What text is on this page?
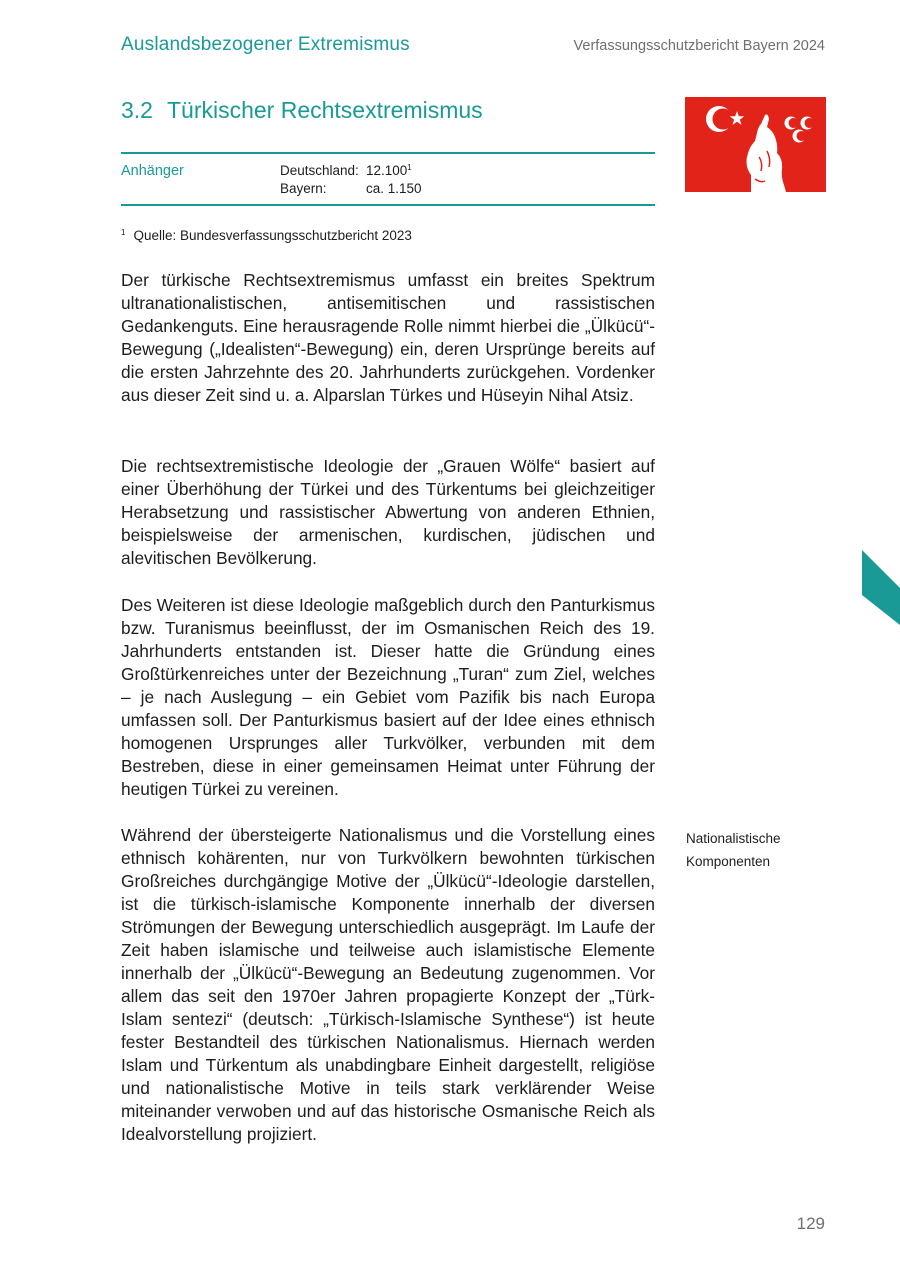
Auslandsbezogener Extremismus	Verfassungsschutzbericht Bayern 2024
3.2 Türkischer Rechtsextremismus
Anhänger	Deutschland: 12.100$^1$
Bayern:	ca. 1.150
$^1$ Quelle: Bundesverfassungsschutzbericht 2023

Der türkische Rechtsextremismus umfasst ein breites Spektrum ultranationalistischen, antisemitischen und rassistischen Gedankenguts. Eine herausragende Rolle nimmt hierbei die „Ülkücü“-Bewegung („Idealisten“-Bewegung) ein, deren Ursprünge bereits auf die ersten Jahrzehnte des 20. Jahrhunderts zurückgehen. Vordenker aus dieser Zeit sind u. a. Alparslan Türkes und Hüseyin Nihal Atsiz.

Die rechtsextremistische Ideologie der „Grauen Wölfe“ basiert auf einer Überhöhung der Türkei und des Türkentums bei gleichzeitiger Herabsetzung und rassistischer Abwertung von anderen Ethnien, beispielsweise der armenischen, kurdischen, jüdischen und alevitischen Bevölkerung.

Des Weiteren ist diese Ideologie maßgeblich durch den Panturkismus bzw. Turanismus beeinflusst, der im Osmanischen Reich des 19. Jahrhunderts entstanden ist. Dieser hatte die Gründung eines Großtürkenreiches unter der Bezeichnung „Turan“ zum Ziel, welches – je nach Auslegung – ein Gebiet vom Pazifik bis nach Europa umfassen soll. Der Panturkismus basiert auf der Idee eines ethnisch homogenen Ursprunges aller Turkvölker, verbunden mit dem Bestreben, diese in einer gemeinsamen Heimat unter Führung der heutigen Türkei zu vereinen.

Während der übersteigerte Nationalismus und die Vorstellung eines ethnisch kohärenten, nur von Turkvölkern bewohnten türkischen Großreiches durchgängige Motive der „Ülkücü“-Ideologie darstellen, ist die türkisch-islamische Komponente innerhalb der diversen Strömungen der Bewegung unterschiedlich ausgeprägt. Im Laufe der Zeit haben islamische und teilweise auch islamistische Elemente innerhalb der „Ülkücü“-Bewegung an Bedeutung zugenommen. Vor allem das seit den 1970er Jahren propagierte Konzept der „Türk-Islam sentezi“ (deutsch: „Türkisch-Islamische Synthese“) ist heute fester Bestandteil des türkischen Nationalismus. Hiernach werden Islam und Türkentum als unabdingbare Einheit dargestellt, religiöse und nationalistische Motive in teils stark verklärender Weise miteinander verwoben und auf das historische Osmanische Reich als Idealvorstellung projiziert.

Nationalistische
Komponenten
129
